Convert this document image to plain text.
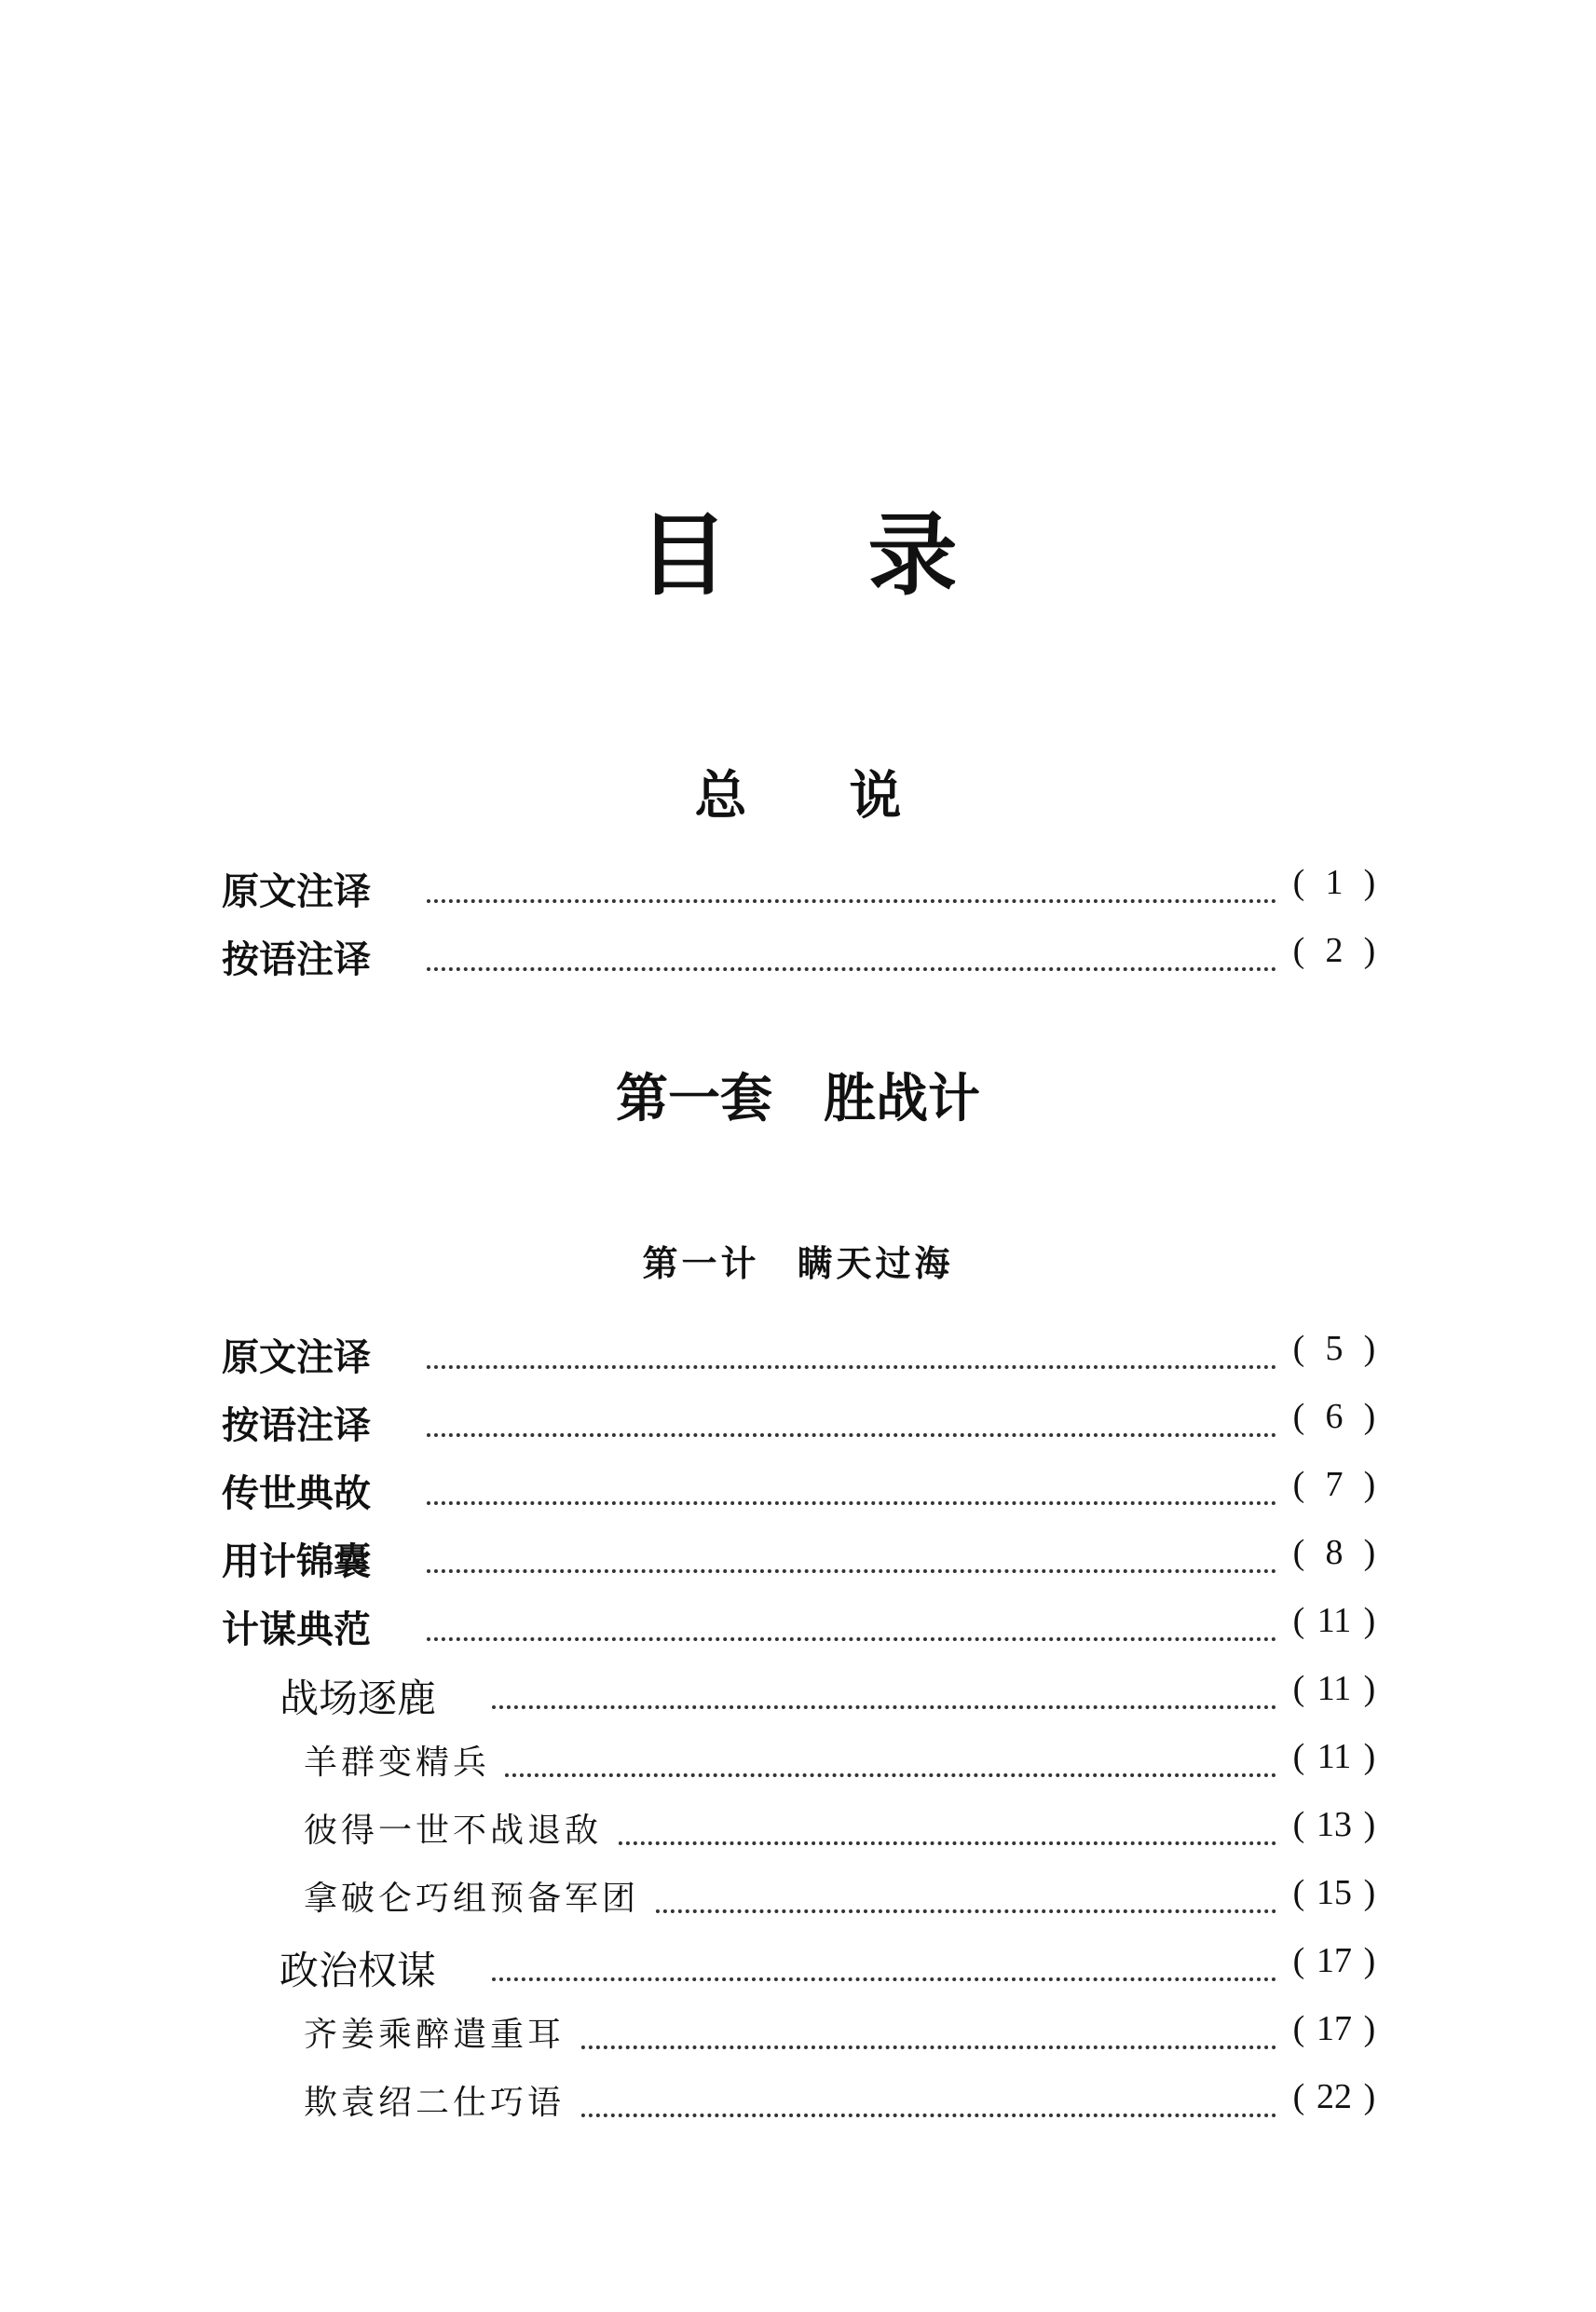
目 录
总 说
原文注译	( 1 )
按语注译	( 2 )
第一套 胜战计
第一计 瞒天过海
原文注译	( 5 )
按语注译	( 6 )
传世典故	( 7 )
用计锦囊	( 8 )
计谋典范	( 11 )
战场逐鹿	( 11 )
羊群变精兵	( 11 )
彼得一世不战退敌	( 13 )
拿破仑巧组预备军团	( 15 )
政治权谋	( 17 )
齐姜乘醉遣重耳	( 17 )
欺袁绍二仕巧语	( 22 )
